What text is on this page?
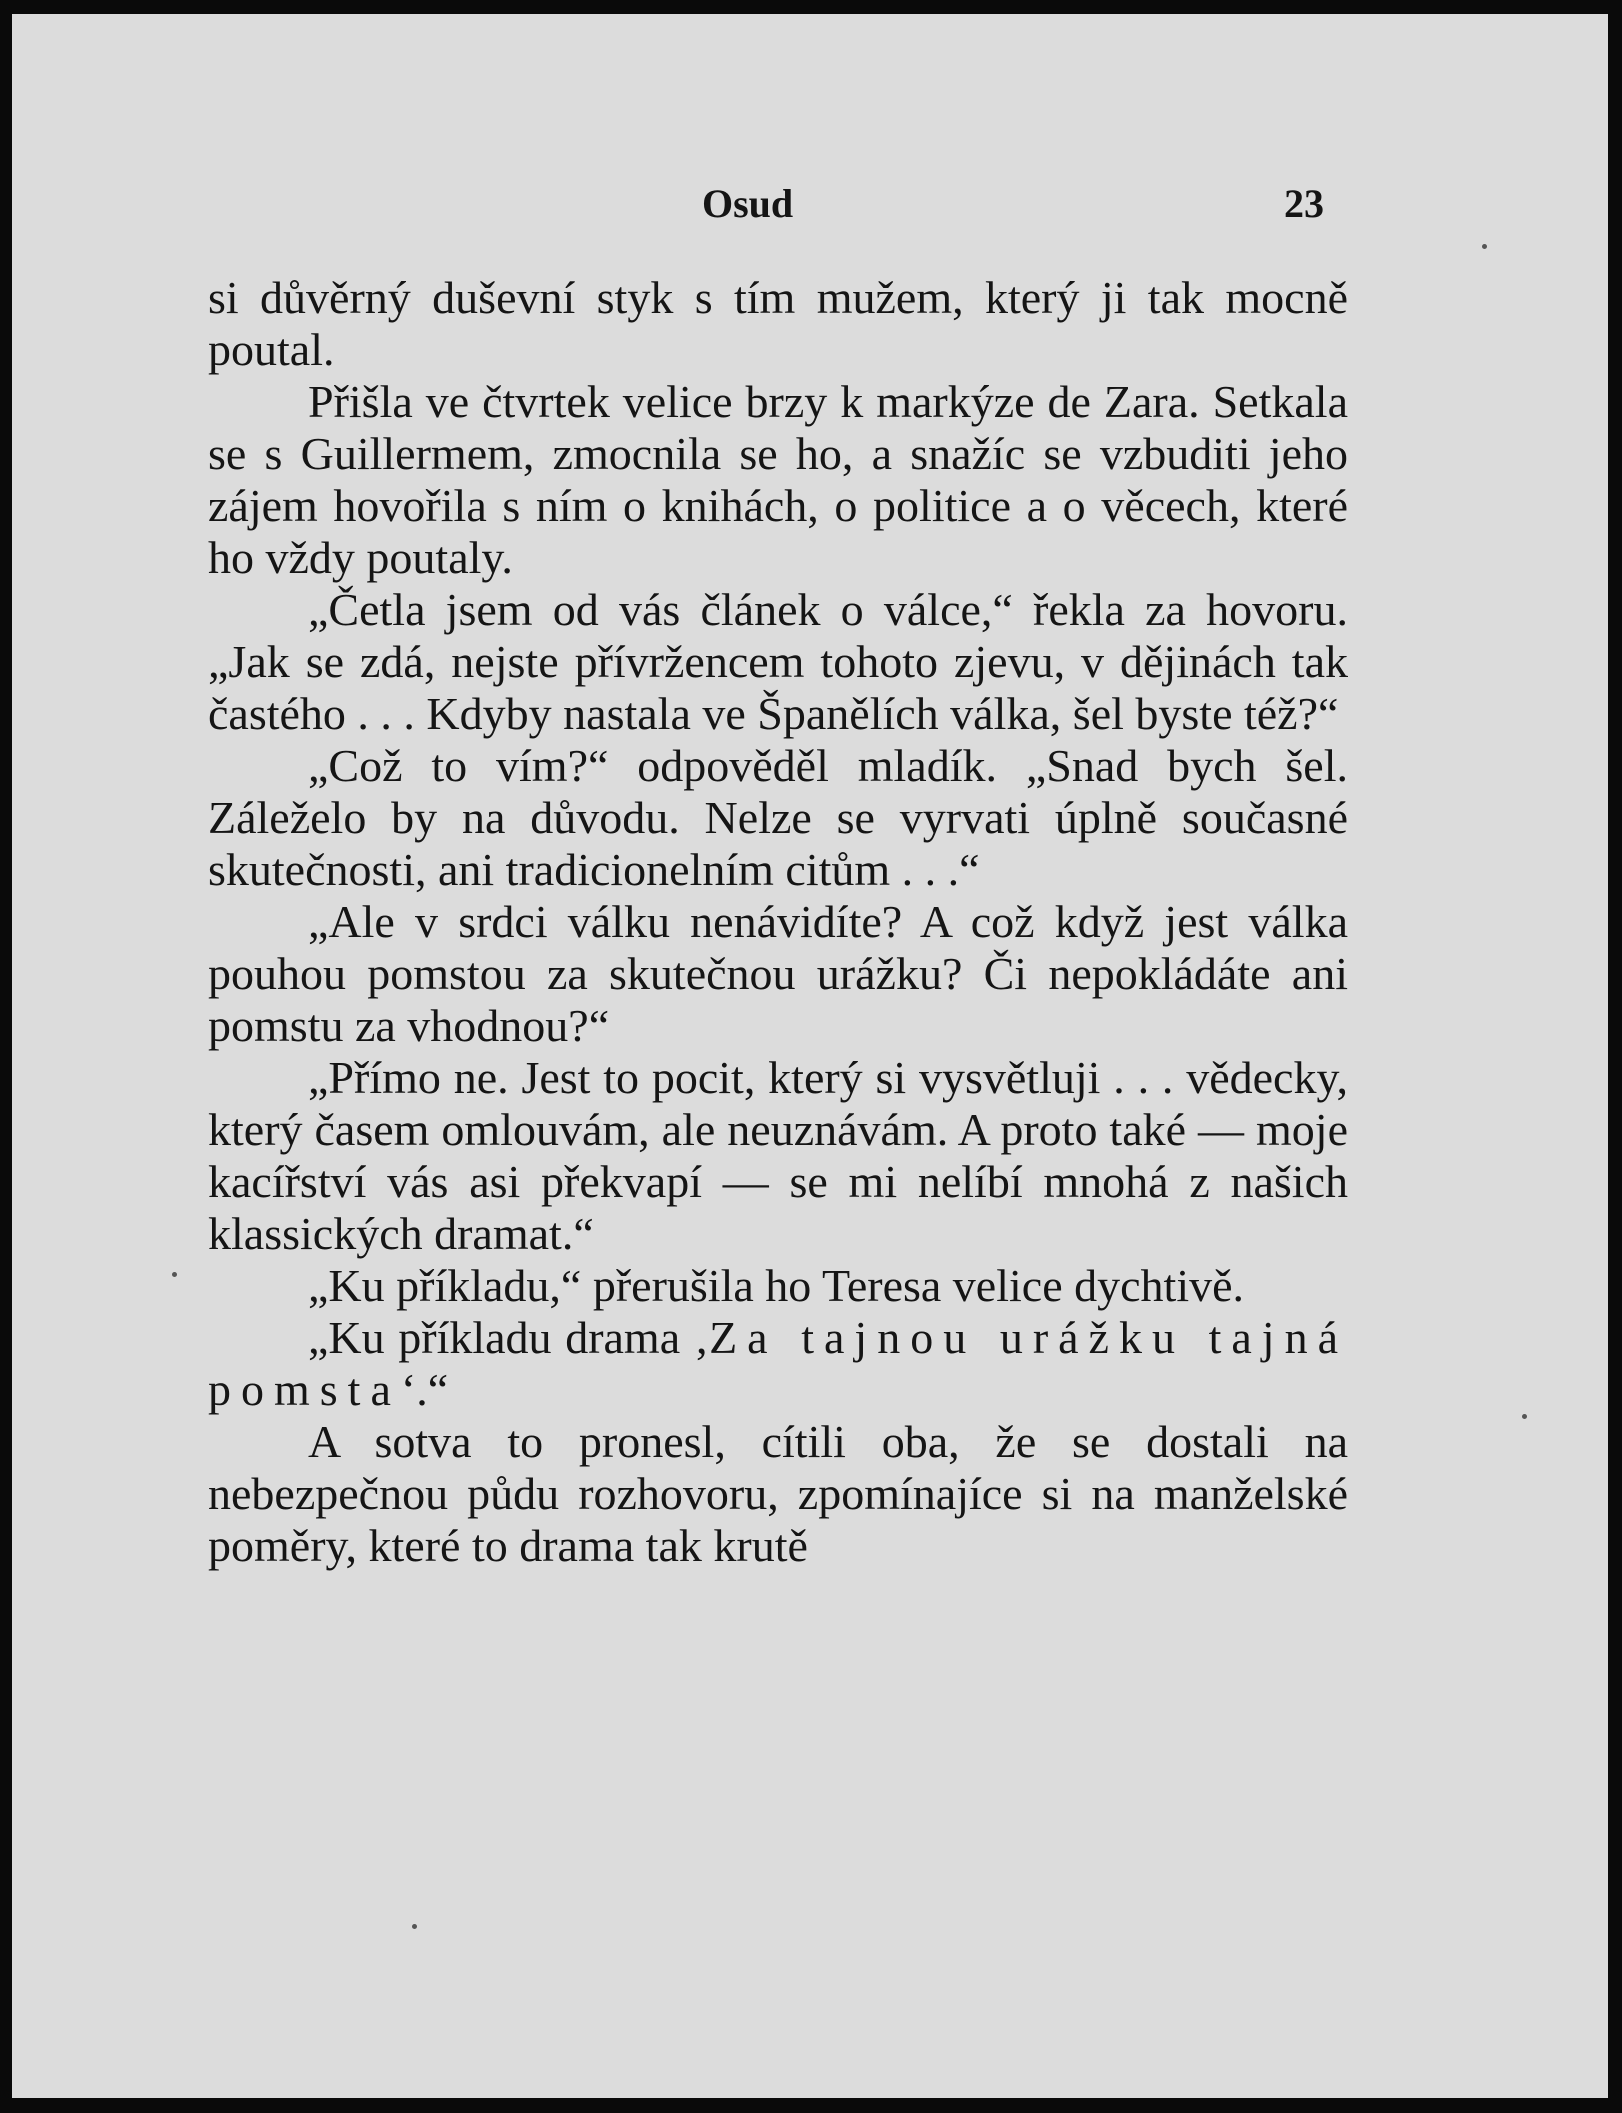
Osud	23

si důvěrný duševní styk s tím mužem, který ji tak mocně poutal.

Přišla ve čtvrtek velice brzy k markýze de Zara. Setkala se s Guillermem, zmocnila se ho, a snažíc se vzbuditi jeho zájem hovořila s ním o knihách, o politice a o věcech, které ho vždy poutaly.

„Četla jsem od vás článek o válce,“ řekla za hovoru. „Jak se zdá, nejste přívržencem tohoto zjevu, v dějinách tak častého . . . Kdyby nastala ve Španělích válka, šel byste též?“

„Což to vím?“ odpověděl mladík. „Snad bych šel. Záleželo by na důvodu. Nelze se vyrvati úplně současné skutečnosti, ani tradicionelním citům . . .“

„Ale v srdci válku nenávidíte? A což když jest válka pouhou pomstou za skutečnou urážku? Či nepokládáte ani pomstu za vhodnou?“

„Přímo ne. Jest to pocit, který si vysvětluji . . . vědecky, který časem omlouvám, ale neuznávám. A proto také — moje kacířství vás asi překvapí — se mi nelíbí mnohá z našich klassických dramat.“

„Ku příkladu,“ přerušila ho Teresa velice dychtivě.

„Ku příkladu drama ‚Za tajnou urážku tajná pomsta‘.“

A sotva to pronesl, cítili oba, že se dostali na nebezpečnou půdu rozhovoru, zpomínajíce si na manželské poměry, které to drama tak krutě
